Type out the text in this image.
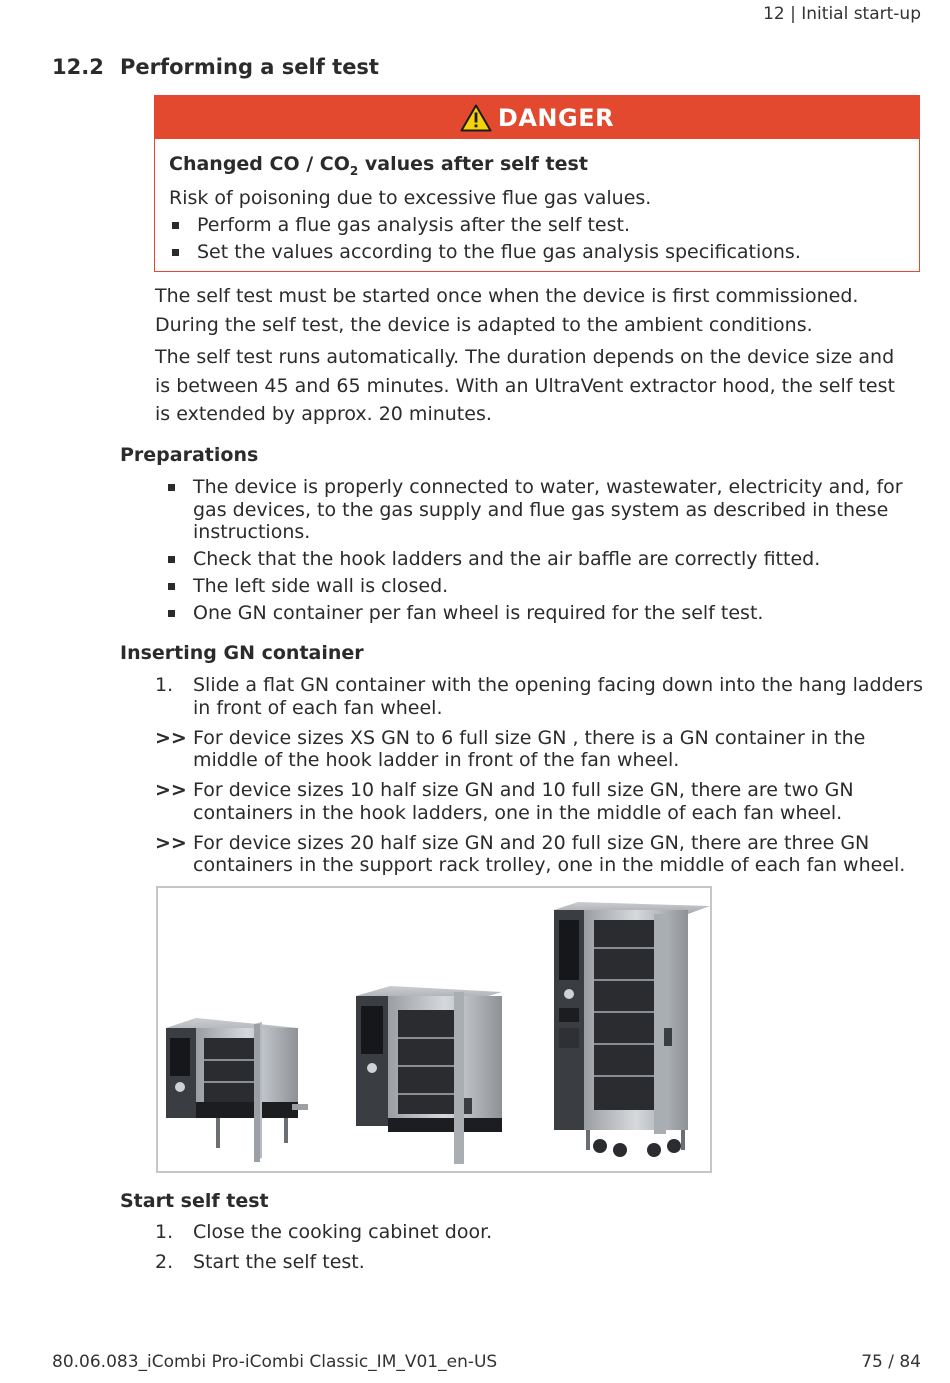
12 | Initial start-up
12.2 Performing a self test
DANGER
Changed CO / $CO_2$ values after self test
Risk of poisoning due to excessive flue gas values.
Perform a flue gas analysis after the self test.
Set the values according to the flue gas analysis specifications.
The self test must be started once when the device is first commissioned. During the self test, the device is adapted to the ambient conditions.
The self test runs automatically. The duration depends on the device size and is between 45 and 65 minutes. With an UltraVent extractor hood, the self test is extended by approx. 20 minutes.
Preparations
The device is properly connected to water, wastewater, electricity and, for gas devices, to the gas supply and flue gas system as described in these instructions.
Check that the hook ladders and the air baffle are correctly fitted.
The left side wall is closed.
One GN container per fan wheel is required for the self test.
Inserting GN container
1. Slide a flat GN container with the opening facing down into the hang ladders in front of each fan wheel.
>> For device sizes XS GN to 6 full size GN , there is a GN container in the middle of the hook ladder in front of the fan wheel.
>> For device sizes 10 half size GN and 10 full size GN, there are two GN containers in the hook ladders, one in the middle of each fan wheel.
>> For device sizes 20 half size GN and 20 full size GN, there are three GN containers in the support rack trolley, one in the middle of each fan wheel.
Start self test
1. Close the cooking cabinet door.
2. Start the self test.
80.06.083_iCombi Pro-iCombi Classic_IM_V01_en-US	75 / 84
